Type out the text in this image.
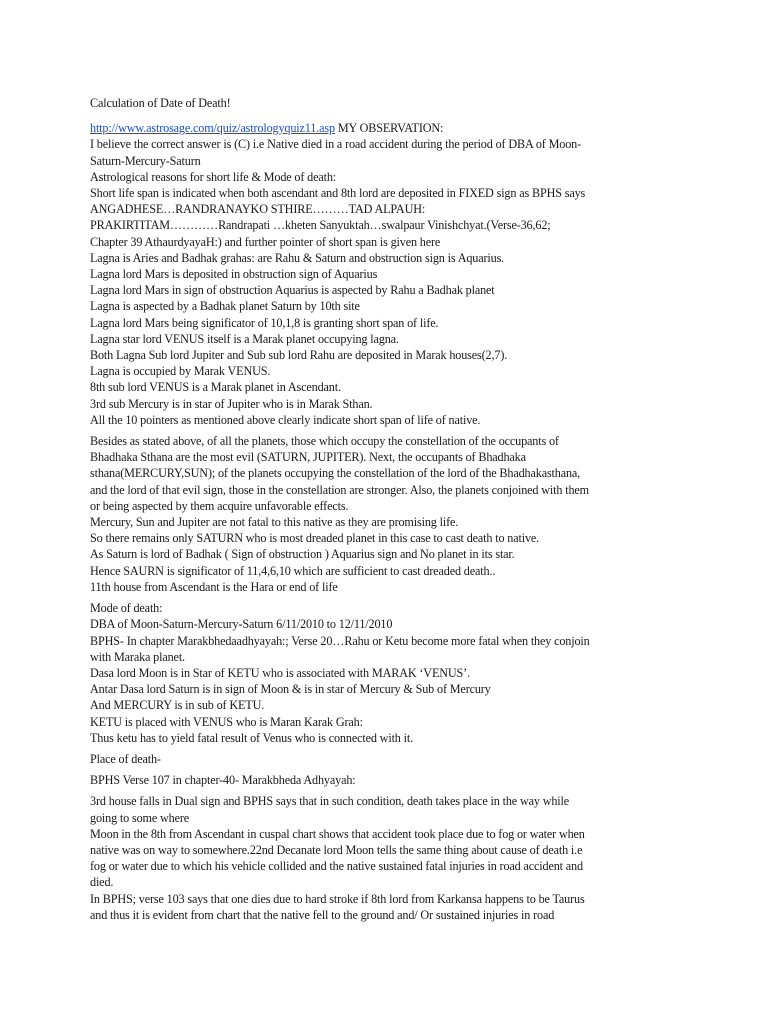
Calculation of Date of Death!

http://www.astrosage.com/quiz/astrologyquiz11.asp MY OBSERVATION:

I believe the correct answer is (C) i.e Native died in a road accident during the period of DBA of Moon-
Saturn-Mercury-Saturn
Astrological reasons for short life & Mode of death:
Short life span is indicated when both ascendant and 8th lord are deposited in FIXED sign as BPHS says
ANGADHESE…RANDRANAYKO STHIRE………TAD ALPAUH:
PRAKIRTITAM…………Randrapati …kheten Sanyuktah…swalpaur Vinishchyat.(Verse-36,62;
Chapter 39 AthaurdyayaH:) and further pointer of short span is given here
Lagna is Aries and Badhak grahas: are Rahu & Saturn and obstruction sign is Aquarius.
Lagna lord Mars is deposited in obstruction sign of Aquarius
Lagna lord Mars in sign of obstruction Aquarius is aspected by Rahu a Badhak planet
Lagna is aspected by a Badhak planet Saturn by 10th site
Lagna lord Mars being significator of 10,1,8 is granting short span of life.
Lagna star lord VENUS itself is a Marak planet occupying lagna.
Both Lagna Sub lord Jupiter and Sub sub lord Rahu are deposited in Marak houses(2,7).
Lagna is occupied by Marak VENUS.
8th sub lord VENUS is a Marak planet in Ascendant.
3rd sub Mercury is in star of Jupiter who is in Marak Sthan.
All the 10 pointers as mentioned above clearly indicate short span of life of native.
Besides as stated above, of all the planets, those which occupy the constellation of the occupants of
Bhadhaka Sthana are the most evil (SATURN, JUPITER). Next, the occupants of Bhadhaka
sthana(MERCURY,SUN); of the planets occupying the constellation of the lord of the Bhadhakasthana,
and the lord of that evil sign, those in the constellation are stronger. Also, the planets conjoined with them
or being aspected by them acquire unfavorable effects.
Mercury, Sun and Jupiter are not fatal to this native as they are promising life.
So there remains only SATURN who is most dreaded planet in this case to cast death to native.
As Saturn is lord of Badhak ( Sign of obstruction ) Aquarius sign and No planet in its star.
Hence SAURN is significator of 11,4,6,10 which are sufficient to cast dreaded death..
11th house from Ascendant is the Hara or end of life
Mode of death:
DBA of Moon-Saturn-Mercury-Saturn 6/11/2010 to 12/11/2010
BPHS- In chapter Marakbhedaadhyayah:; Verse 20…Rahu or Ketu become more fatal when they conjoin
with Maraka planet.
Dasa lord Moon is in Star of KETU who is associated with MARAK ‘VENUS’.
Antar Dasa lord Saturn is in sign of Moon & is in star of Mercury & Sub of Mercury
And MERCURY is in sub of KETU.
KETU is placed with VENUS who is Maran Karak Grah:
Thus ketu has to yield fatal result of Venus who is connected with it.
Place of death-
BPHS Verse 107 in chapter-40- Marakbheda Adhyayah:
3rd house falls in Dual sign and BPHS says that in such condition, death takes place in the way while
going to some where
Moon in the 8th from Ascendant in cuspal chart shows that accident took place due to fog or water when
native was on way to somewhere.22nd Decanate lord Moon tells the same thing about cause of death i.e
fog or water due to which his vehicle collided and the native sustained fatal injuries in road accident and
died.
In BPHS; verse 103 says that one dies due to hard stroke if 8th lord from Karkansa happens to be Taurus
and thus it is evident from chart that the native fell to the ground and/ Or sustained injuries in road
